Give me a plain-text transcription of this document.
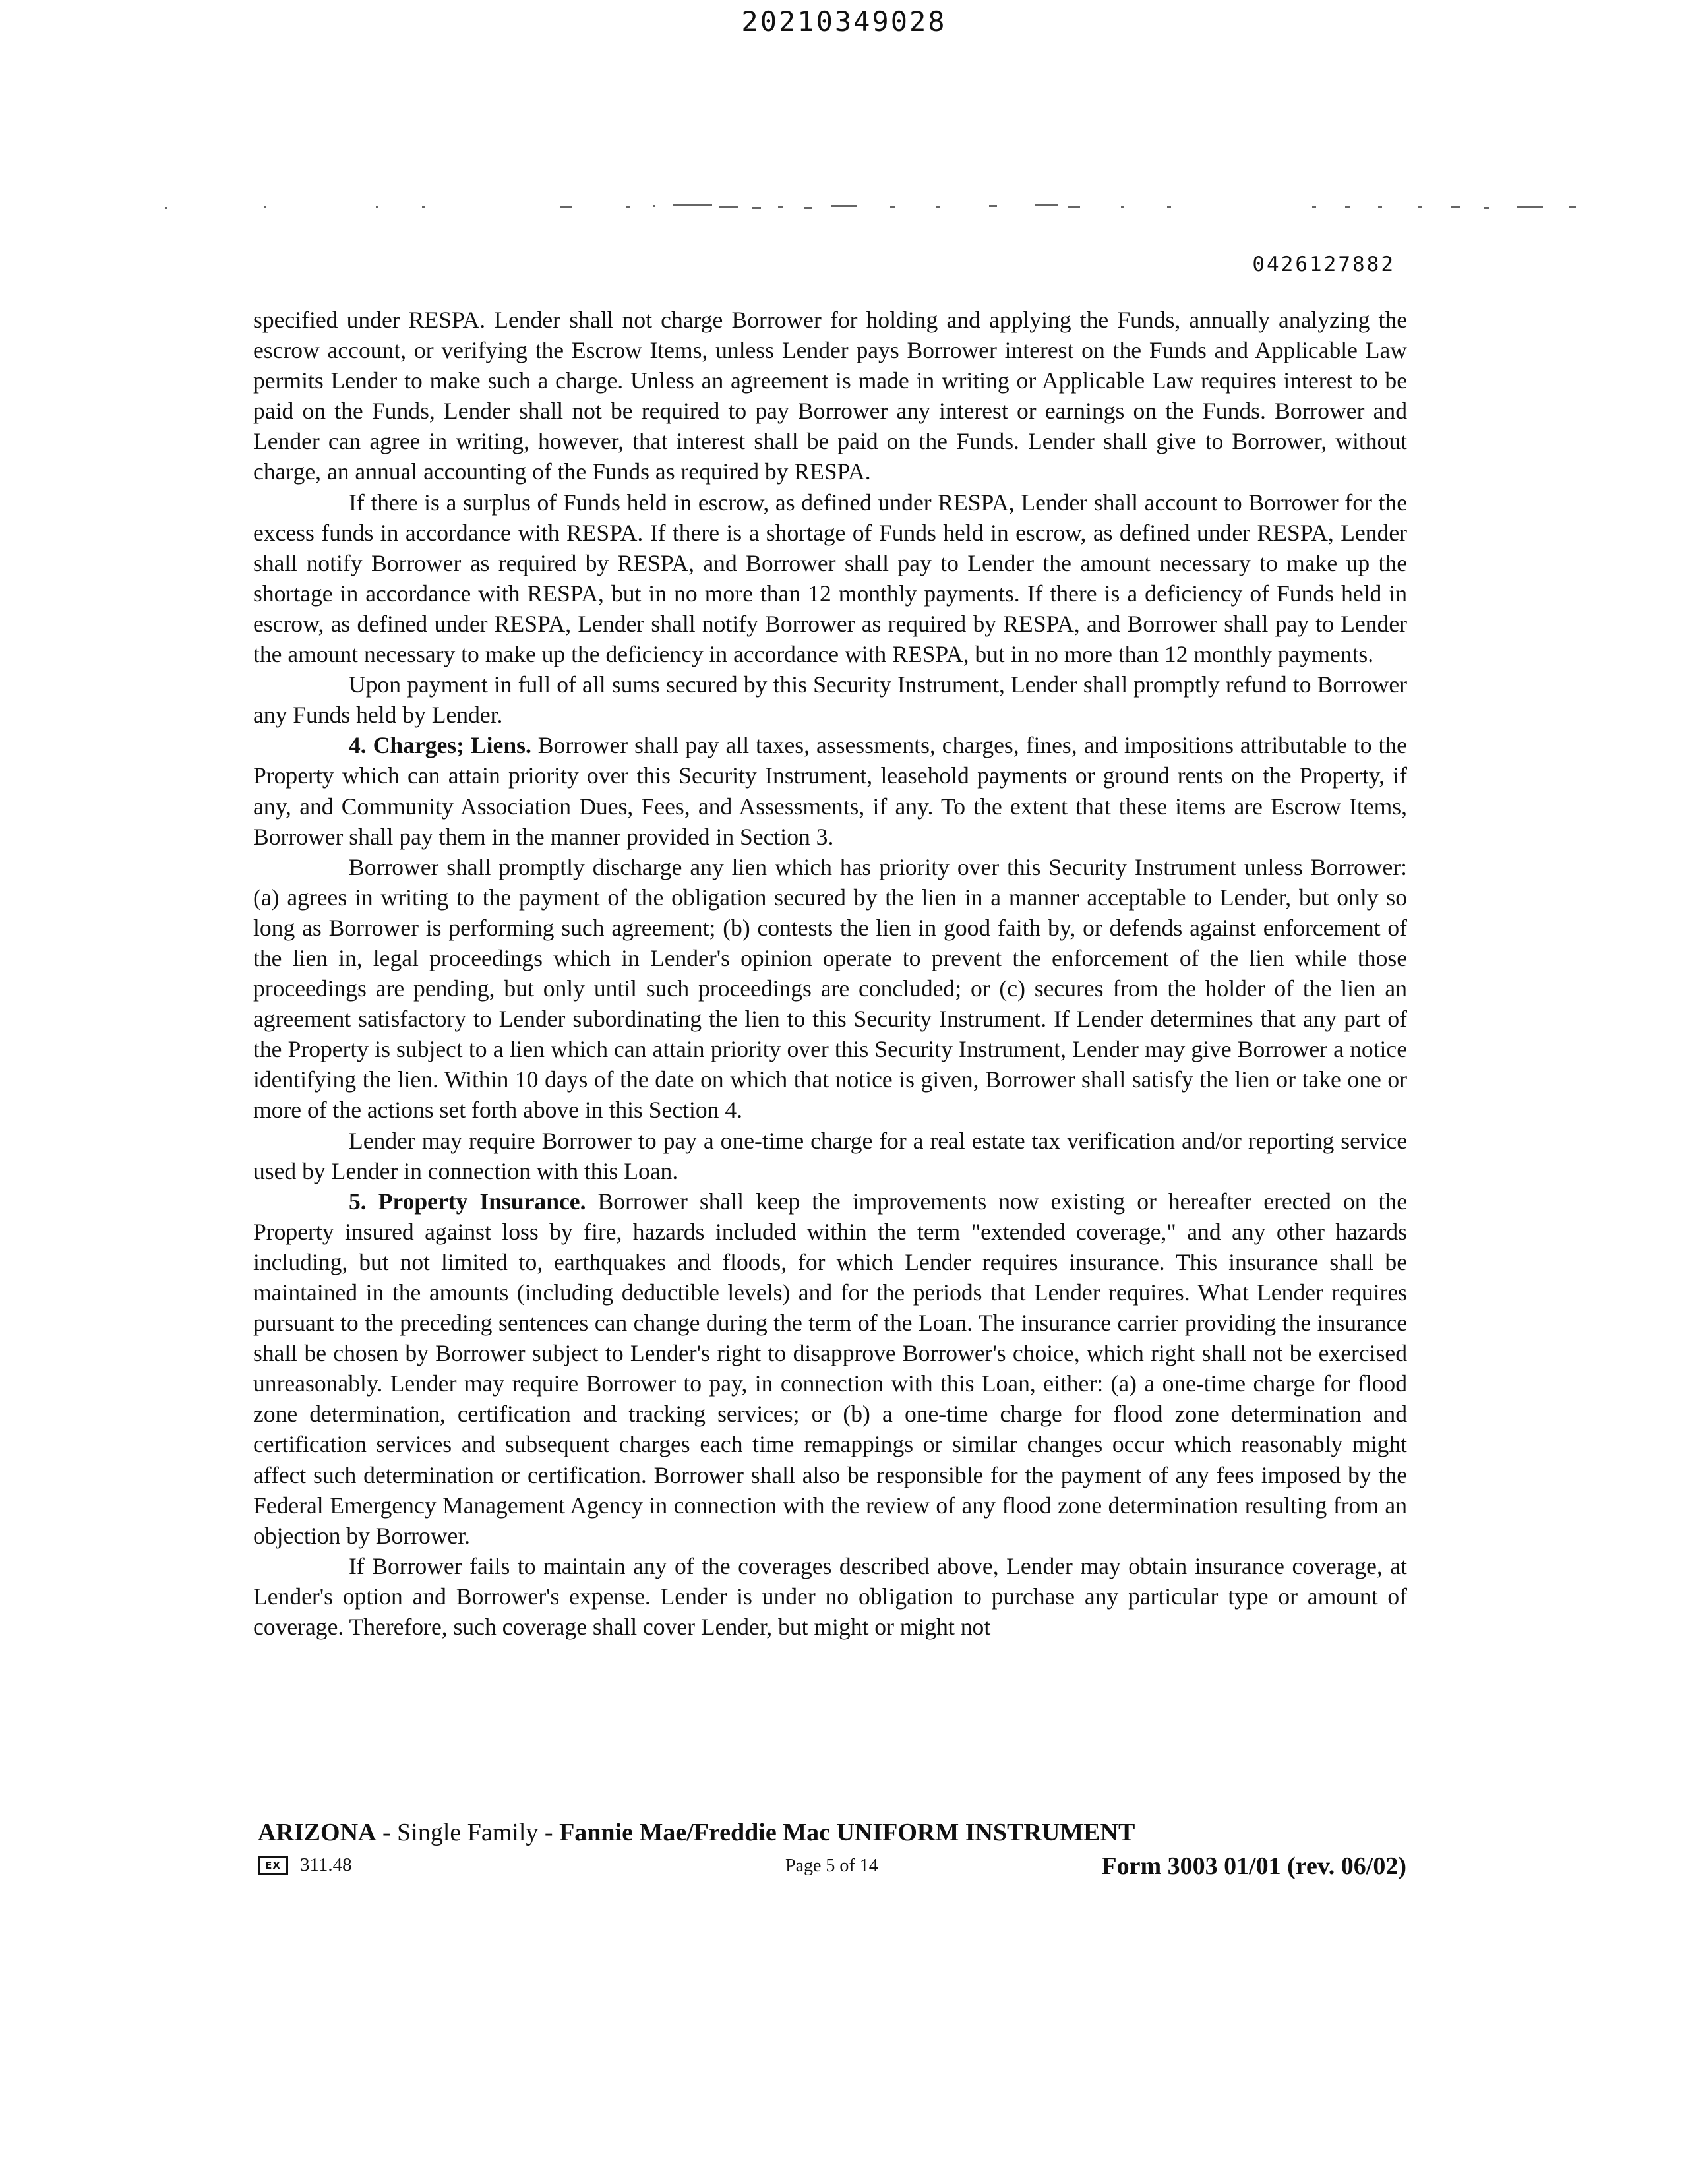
20210349028
0426127882

specified under RESPA. Lender shall not charge Borrower for holding and applying the Funds, annually analyzing the escrow account, or verifying the Escrow Items, unless Lender pays Borrower interest on the Funds and Applicable Law permits Lender to make such a charge. Unless an agreement is made in writing or Applicable Law requires interest to be paid on the Funds, Lender shall not be required to pay Borrower any interest or earnings on the Funds. Borrower and Lender can agree in writing, however, that interest shall be paid on the Funds. Lender shall give to Borrower, without charge, an annual accounting of the Funds as required by RESPA.

If there is a surplus of Funds held in escrow, as defined under RESPA, Lender shall account to Borrower for the excess funds in accordance with RESPA. If there is a shortage of Funds held in escrow, as defined under RESPA, Lender shall notify Borrower as required by RESPA, and Borrower shall pay to Lender the amount necessary to make up the shortage in accordance with RESPA, but in no more than 12 monthly payments. If there is a deficiency of Funds held in escrow, as defined under RESPA, Lender shall notify Borrower as required by RESPA, and Borrower shall pay to Lender the amount necessary to make up the deficiency in accordance with RESPA, but in no more than 12 monthly payments.

Upon payment in full of all sums secured by this Security Instrument, Lender shall promptly refund to Borrower any Funds held by Lender.

4. Charges; Liens. Borrower shall pay all taxes, assessments, charges, fines, and impositions attributable to the Property which can attain priority over this Security Instrument, leasehold payments or ground rents on the Property, if any, and Community Association Dues, Fees, and Assessments, if any. To the extent that these items are Escrow Items, Borrower shall pay them in the manner provided in Section 3.

Borrower shall promptly discharge any lien which has priority over this Security Instrument unless Borrower: (a) agrees in writing to the payment of the obligation secured by the lien in a manner acceptable to Lender, but only so long as Borrower is performing such agreement; (b) contests the lien in good faith by, or defends against enforcement of the lien in, legal proceedings which in Lender's opinion operate to prevent the enforcement of the lien while those proceedings are pending, but only until such proceedings are concluded; or (c) secures from the holder of the lien an agreement satisfactory to Lender subordinating the lien to this Security Instrument. If Lender determines that any part of the Property is subject to a lien which can attain priority over this Security Instrument, Lender may give Borrower a notice identifying the lien. Within 10 days of the date on which that notice is given, Borrower shall satisfy the lien or take one or more of the actions set forth above in this Section 4.

Lender may require Borrower to pay a one-time charge for a real estate tax verification and/or reporting service used by Lender in connection with this Loan.

5. Property Insurance. Borrower shall keep the improvements now existing or hereafter erected on the Property insured against loss by fire, hazards included within the term "extended coverage," and any other hazards including, but not limited to, earthquakes and floods, for which Lender requires insurance. This insurance shall be maintained in the amounts (including deductible levels) and for the periods that Lender requires. What Lender requires pursuant to the preceding sentences can change during the term of the Loan. The insurance carrier providing the insurance shall be chosen by Borrower subject to Lender's right to disapprove Borrower's choice, which right shall not be exercised unreasonably. Lender may require Borrower to pay, in connection with this Loan, either: (a) a one-time charge for flood zone determination, certification and tracking services; or (b) a one-time charge for flood zone determination and certification services and subsequent charges each time remappings or similar changes occur which reasonably might affect such determination or certification. Borrower shall also be responsible for the payment of any fees imposed by the Federal Emergency Management Agency in connection with the review of any flood zone determination resulting from an objection by Borrower.

If Borrower fails to maintain any of the coverages described above, Lender may obtain insurance coverage, at Lender's option and Borrower's expense. Lender is under no obligation to purchase any particular type or amount of coverage. Therefore, such coverage shall cover Lender, but might or might not

ARIZONA - Single Family - Fannie Mae/Freddie Mac UNIFORM INSTRUMENT
EX	311.48	Page 5 of 14	Form 3003 01/01 (rev. 06/02)
